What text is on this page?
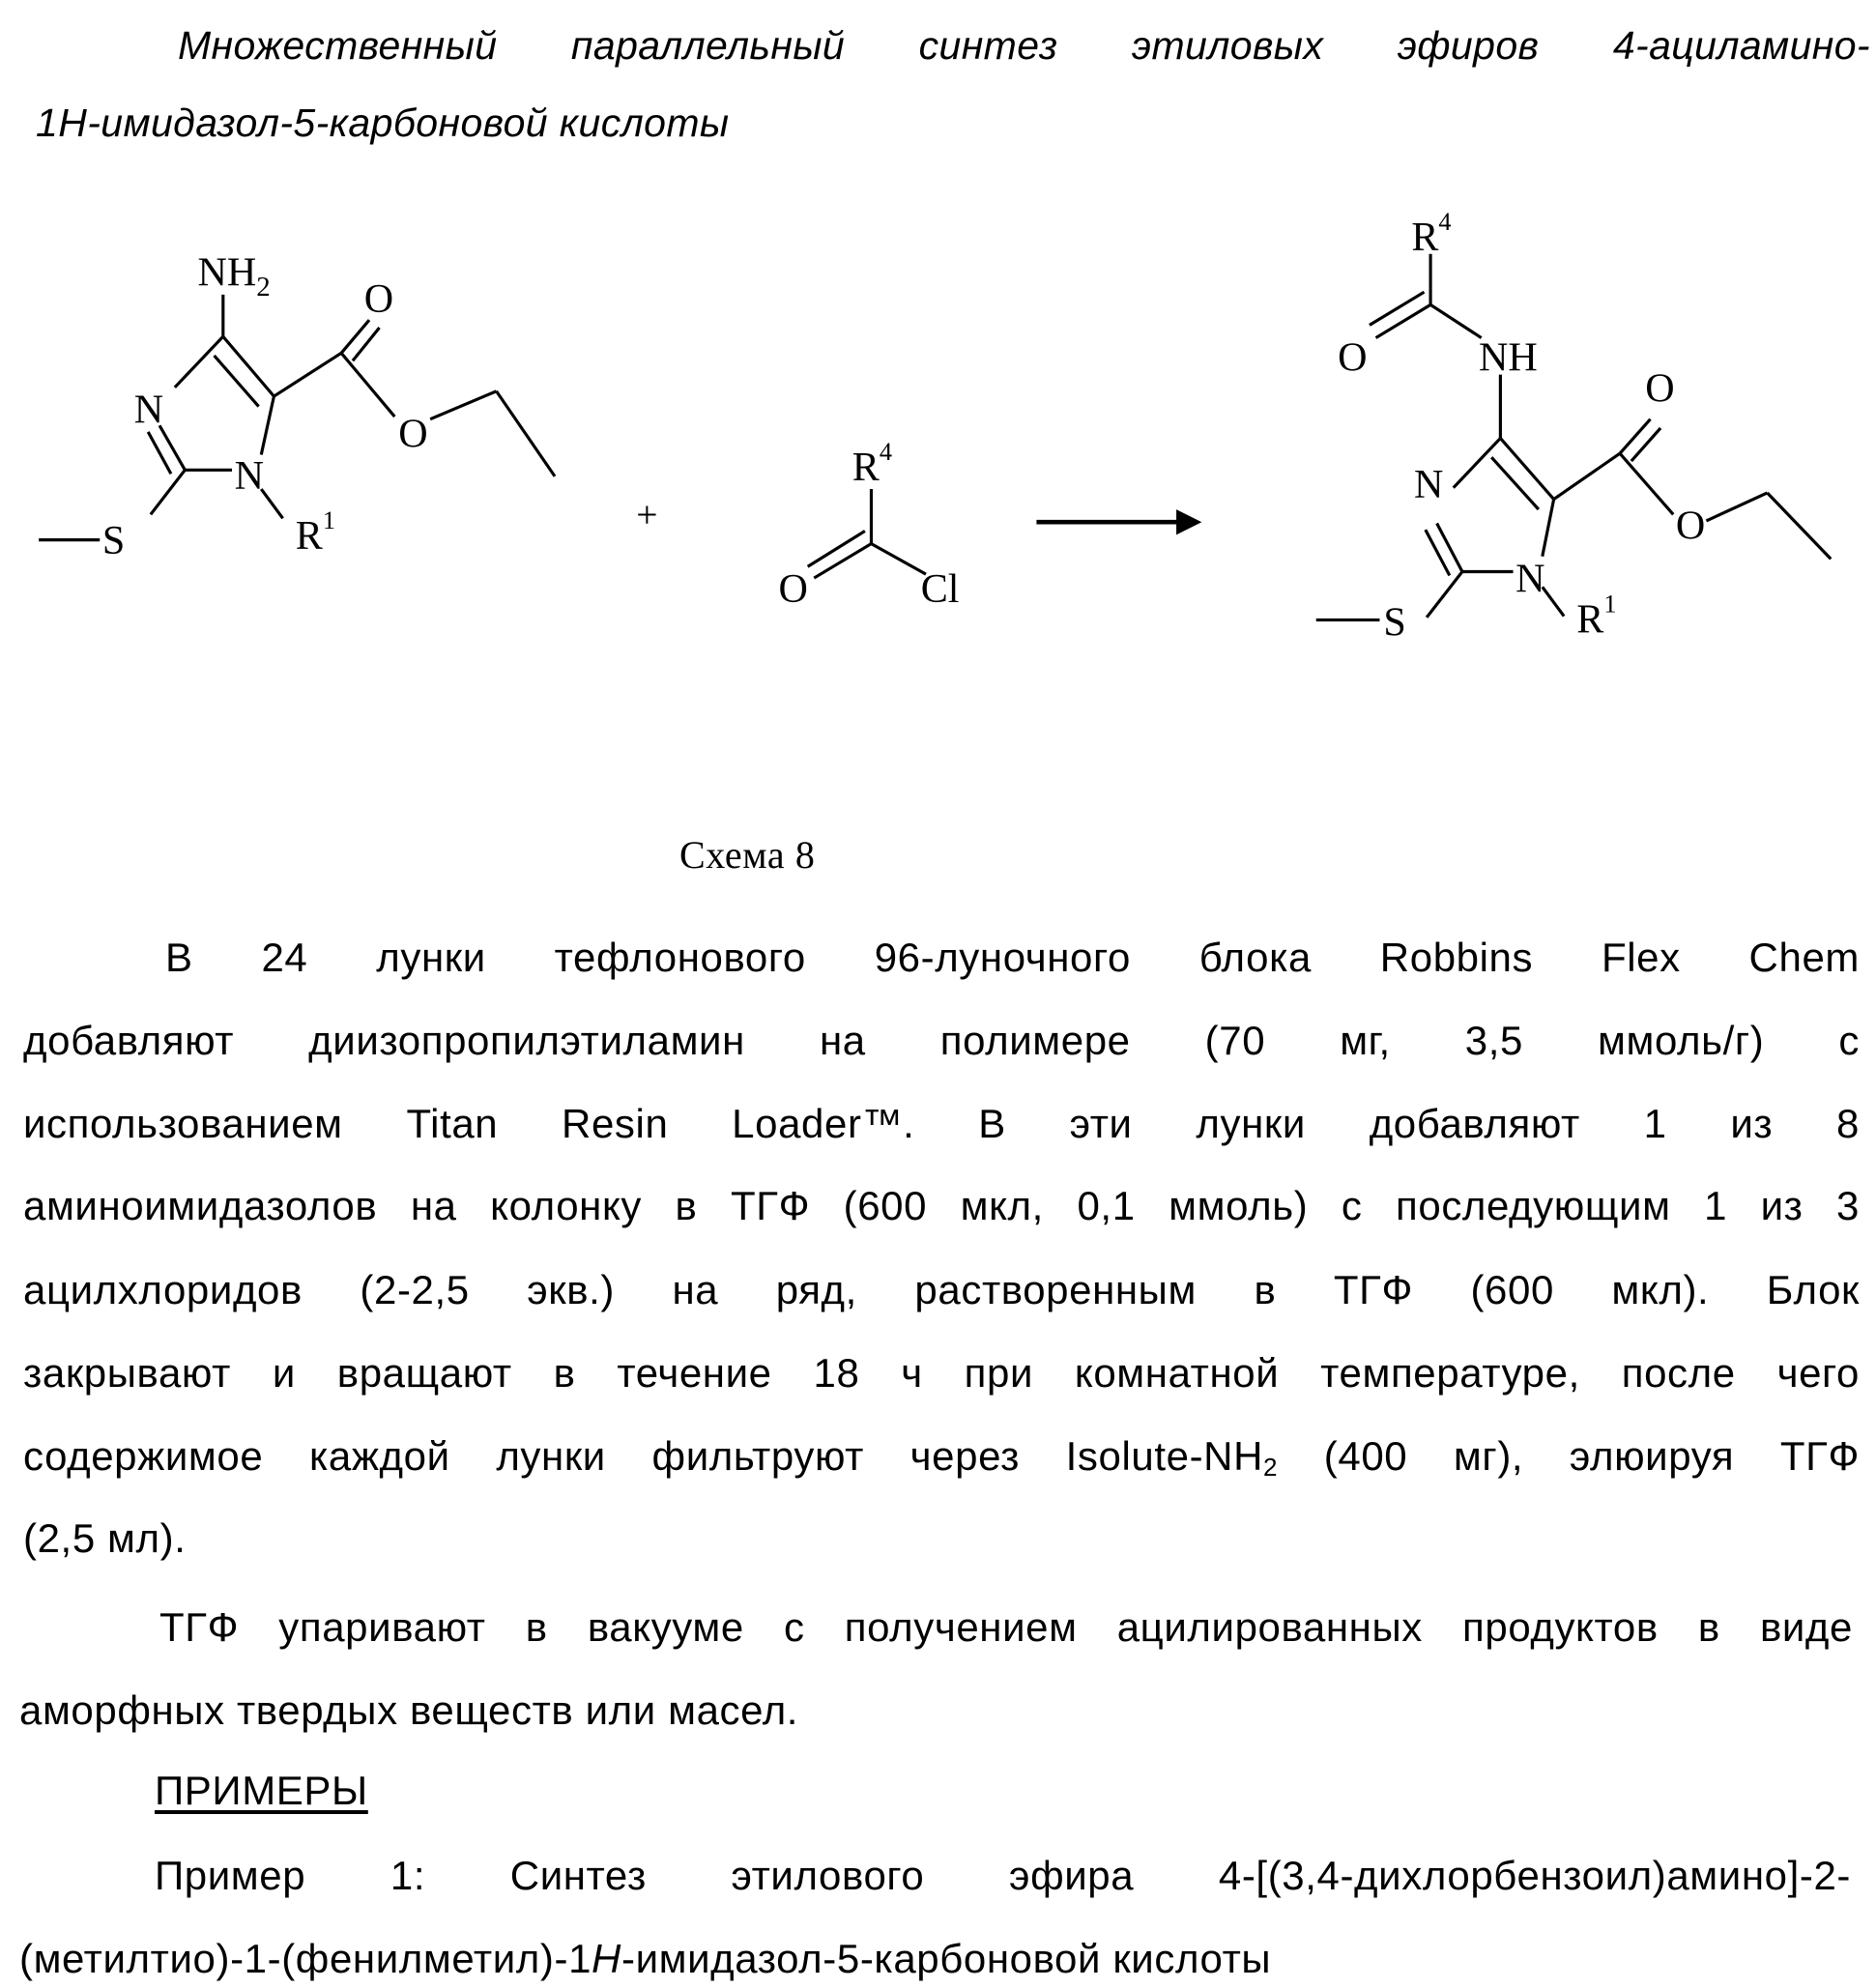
Множественный параллельный синтез этиловых эфиров 4-ациламино-
1H-имидазол-5-карбоновой кислоты
NH2	O
O
N
N
R1
S
+
R4
O	Cl
R4
O	NH
O
O
N
N
R1
S
Схема 8
В 24 лунки тефлонового 96-луночного блока Robbins Flex Chem
добавляют диизопропилэтиламин на полимере (70 мг, 3,5 ммоль/г) с
использованием Titan Resin Loader™. В эти лунки добавляют 1 из 8
аминоимидазолов на колонку в ТГФ (600 мкл, 0,1 ммоль) с последующим 1 из 3
ацилхлоридов (2-2,5 экв.) на ряд, растворенным в ТГФ (600 мкл). Блок
закрывают и вращают в течение 18 ч при комнатной температуре, после чего
содержимое каждой лунки фильтруют через Isolute-NH2 (400 мг), элюируя ТГФ
(2,5 мл).
ТГФ упаривают в вакууме с получением ацилированных продуктов в виде
аморфных твердых веществ или масел.
ПРИМЕРЫ
Пример 1: Синтез этилового эфира 4-[(3,4-дихлорбензоил)амино]-2-
(метилтио)-1-(фенилметил)-1H-имидазол-5-карбоновой кислоты
